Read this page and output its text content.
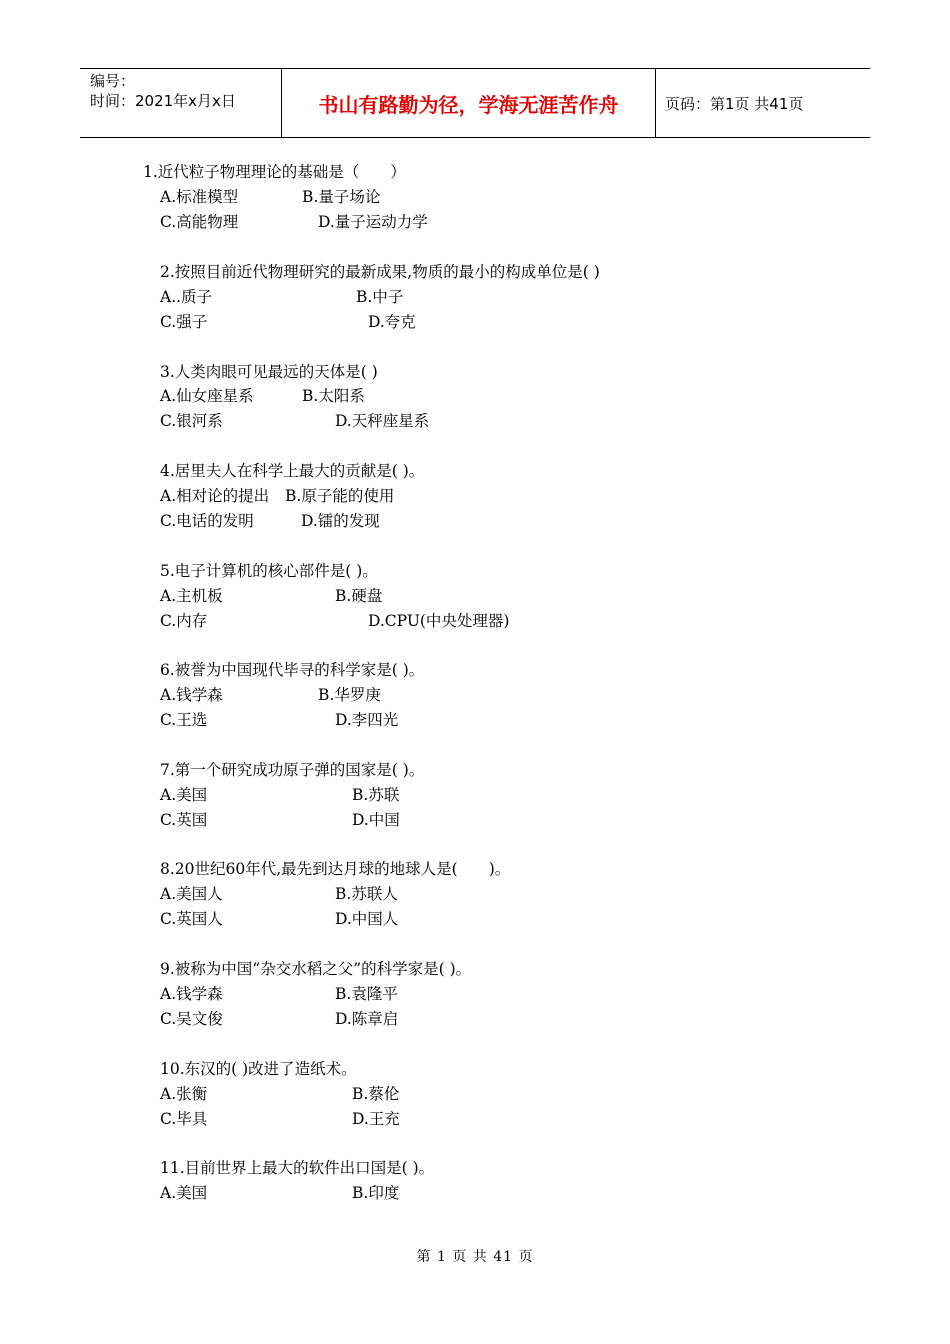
编号：
时间：2021年x月x日	书山有路勤为径，学海无涯苦作舟	页码：第1页 共41页
1.近代粒子物理理论的基础是（　　）
A.标准模型	B.量子场论
C.高能物理	D.量子运动力学
2.按照目前近代物理研究的最新成果,物质的最小的构成单位是( )
A..质子	B.中子
C.强子	D.夸克
3.人类肉眼可见最远的天体是( )
A.仙女座星系	B.太阳系
C.银河系	D.天秤座星系
4.居里夫人在科学上最大的贡献是( )。
A.相对论的提出 B.原子能的使用
C.电话的发明	D.镭的发现
5.电子计算机的核心部件是( )。
A.主机板	B.硬盘
C.内存	D.CPU(中央处理器)
6.被誉为中国现代毕寻的科学家是( )。
A.钱学森	B.华罗庚
C.王选	D.李四光
7.第一个研究成功原子弹的国家是( )。
A.美国	B.苏联
C.英国	D.中国
8.20世纪60年代,最先到达月球的地球人是(　　)。
A.美国人	B.苏联人
C.英国人	D.中国人
9.被称为中国“杂交水稻之父”的科学家是( )。
A.钱学森	B.袁隆平
C.吴文俊	D.陈章启
10.东汉的( )改进了造纸术。
A.张衡	B.蔡伦
C.毕具	D.王充
11.目前世界上最大的软件出口国是( )。
A.美国	B.印度
第 1 页 共 41 页
